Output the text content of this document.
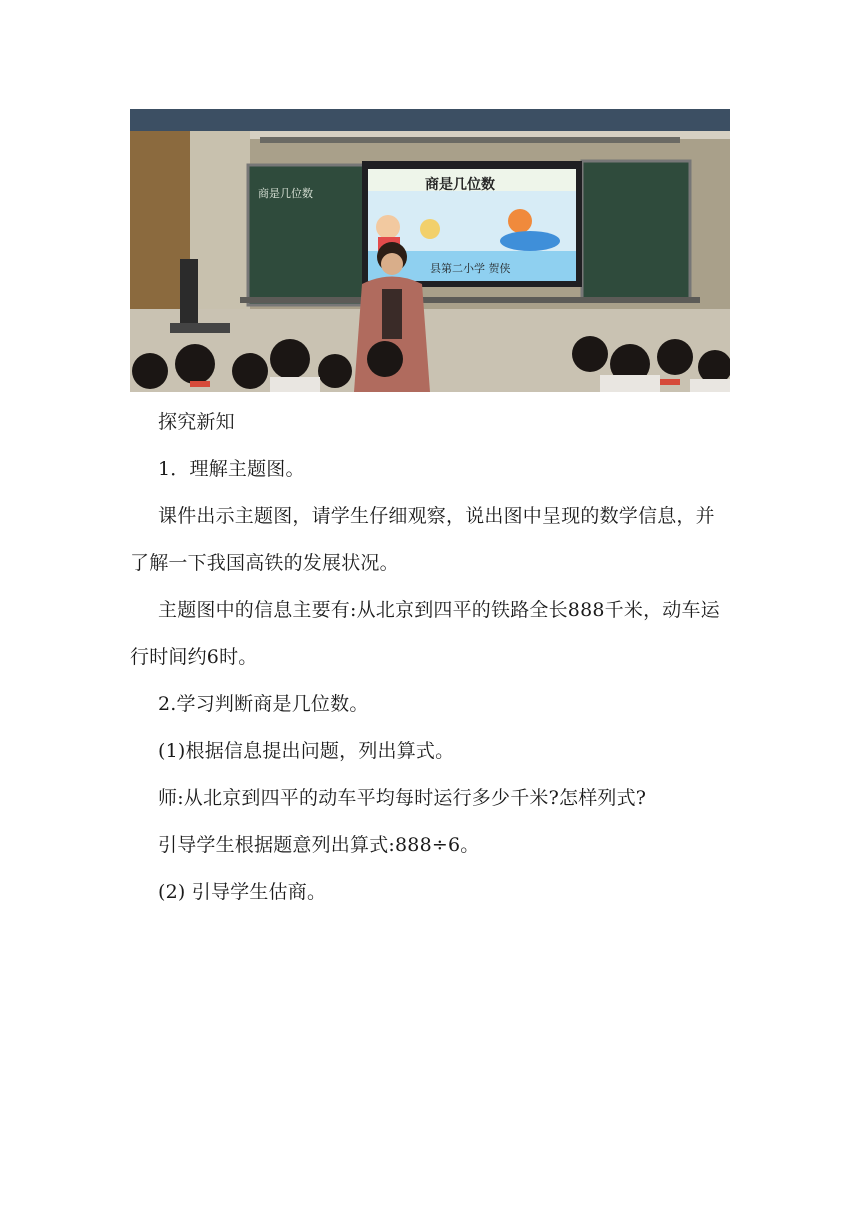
商是几位数
商是几位数
县第二小学 贺侠

探究新知

1．理解主题图。

课件出示主题图，请学生仔细观察，说出图中呈现的数学信息，并了解一下我国高铁的发展状况。

主题图中的信息主要有:从北京到四平的铁路全长888千米，动车运行时间约6时。

2.学习判断商是几位数。

(1)根据信息提出问题，列出算式。

师:从北京到四平的动车平均每时运行多少千米?怎样列式?

引导学生根据题意列出算式:888÷6。

(2) 引导学生估商。
